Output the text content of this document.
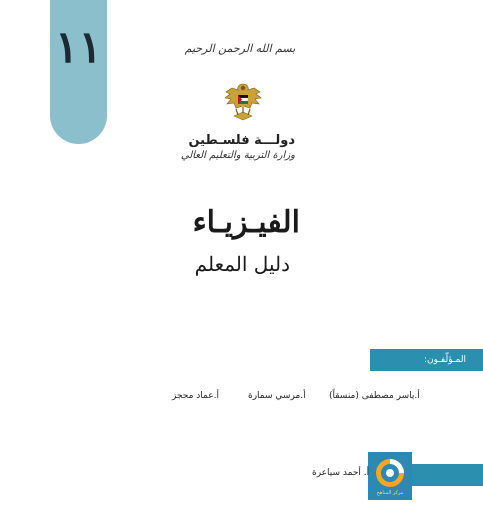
١١	بسم الله الرحمن الرحيم
دولـــة فلسـطين
وزارة التربية والتعليم العالي
الفيـزيـاء
دليل المعلم
المـؤلّفـون:
أ.ياسر مصطفى (منسقاً)
أ.مرسي سمارة
أ.عماد محجز
مركز المناهج
أ. أحمد سياعرة
